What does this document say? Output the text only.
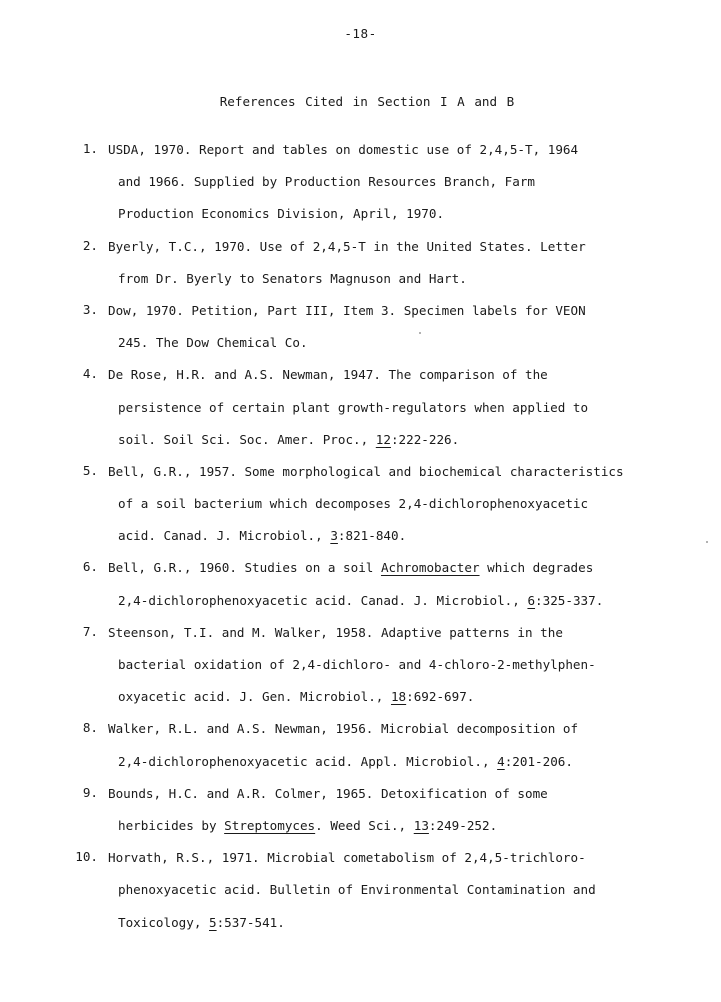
-18-
References Cited in Section I A and B
1. USDA, 1970. Report and tables on domestic use of 2,4,5-T, 1964
and 1966. Supplied by Production Resources Branch, Farm
Production Economics Division, April, 1970.
2. Byerly, T.C., 1970. Use of 2,4,5-T in the United States. Letter
from Dr. Byerly to Senators Magnuson and Hart.
3. Dow, 1970. Petition, Part III, Item 3. Specimen labels for VEON
245. The Dow Chemical Co.
4. De Rose, H.R. and A.S. Newman, 1947. The comparison of the
persistence of certain plant growth-regulators when applied to
soil. Soil Sci. Soc. Amer. Proc., 12:222-226.
5. Bell, G.R., 1957. Some morphological and biochemical characteristics
of a soil bacterium which decomposes 2,4-dichlorophenoxyacetic
acid. Canad. J. Microbiol., 3:821-840.
6. Bell, G.R., 1960. Studies on a soil Achromobacter which degrades
2,4-dichlorophenoxyacetic acid. Canad. J. Microbiol., 6:325-337.
7. Steenson, T.I. and M. Walker, 1958. Adaptive patterns in the
bacterial oxidation of 2,4-dichloro- and 4-chloro-2-methylphen-
oxyacetic acid. J. Gen. Microbiol., 18:692-697.
8. Walker, R.L. and A.S. Newman, 1956. Microbial decomposition of
2,4-dichlorophenoxyacetic acid. Appl. Microbiol., 4:201-206.
9. Bounds, H.C. and A.R. Colmer, 1965. Detoxification of some
herbicides by Streptomyces. Weed Sci., 13:249-252.
10. Horvath, R.S., 1971. Microbial cometabolism of 2,4,5-trichloro-
phenoxyacetic acid. Bulletin of Environmental Contamination and
Toxicology, 5:537-541.
